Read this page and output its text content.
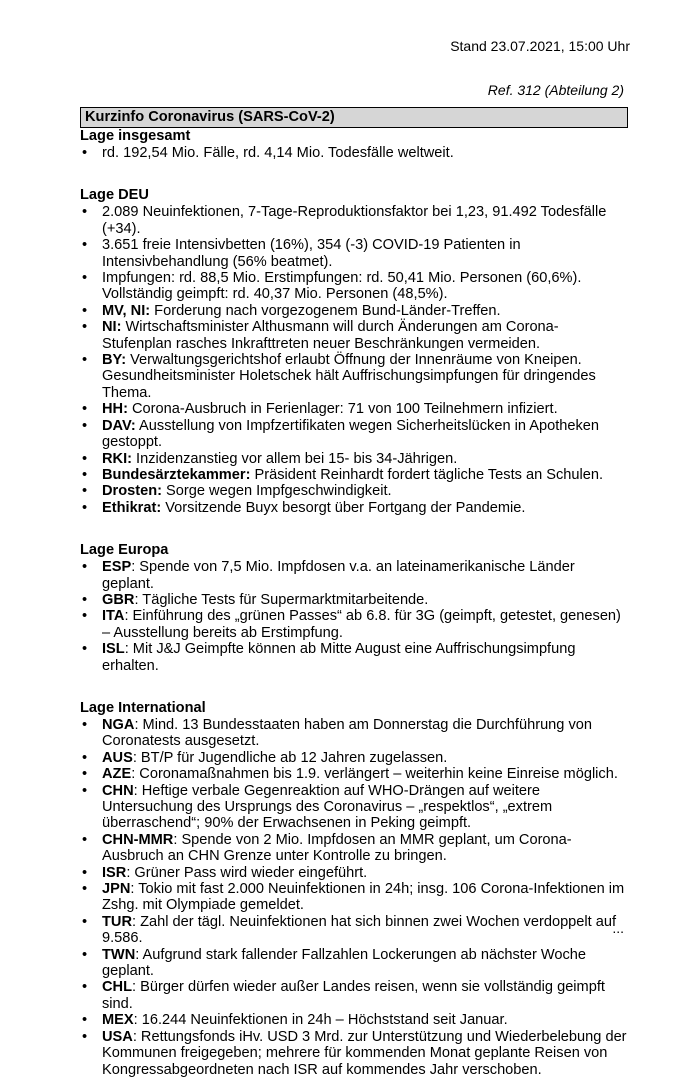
Stand 23.07.2021, 15:00 Uhr
Ref. 312 (Abteilung 2)
Kurzinfo Coronavirus (SARS-CoV-2)
Lage insgesamt
• rd. 192,54 Mio. Fälle, rd. 4,14 Mio. Todesfälle weltweit.
Lage DEU
• 2.089 Neuinfektionen, 7-Tage-Reproduktionsfaktor bei 1,23, 91.492 Todesfälle (+34).
• 3.651 freie Intensivbetten (16%), 354 (-3) COVID-19 Patienten in Intensivbehandlung (56% beatmet).
• Impfungen: rd. 88,5 Mio. Erstimpfungen: rd. 50,41 Mio. Personen (60,6%). Vollständig geimpft: rd. 40,37 Mio. Personen (48,5%).
• MV, NI: Forderung nach vorgezogenem Bund-Länder-Treffen.
• NI: Wirtschaftsminister Althusmann will durch Änderungen am Corona-Stufenplan rasches Inkrafttreten neuer Beschränkungen vermeiden.
• BY: Verwaltungsgerichtshof erlaubt Öffnung der Innenräume von Kneipen. Gesundheitsminister Holetschek hält Auffrischungsimpfungen für dringendes Thema.
• HH: Corona-Ausbruch in Ferienlager: 71 von 100 Teilnehmern infiziert.
• DAV: Ausstellung von Impfzertifikaten wegen Sicherheitslücken in Apotheken gestoppt.
• RKI: Inzidenzanstieg vor allem bei 15- bis 34-Jährigen.
• Bundesärztekammer: Präsident Reinhardt fordert tägliche Tests an Schulen.
• Drosten: Sorge wegen Impfgeschwindigkeit.
• Ethikrat: Vorsitzende Buyx besorgt über Fortgang der Pandemie.
Lage Europa
• ESP: Spende von 7,5 Mio. Impfdosen v.a. an lateinamerikanische Länder geplant.
• GBR: Tägliche Tests für Supermarktmitarbeitende.
• ITA: Einführung des „grünen Passes“ ab 6.8. für 3G (geimpft, getestet, genesen) – Ausstellung bereits ab Erstimpfung.
• ISL: Mit J&J Geimpfte können ab Mitte August eine Auffrischungsimpfung erhalten.
Lage International
• NGA: Mind. 13 Bundesstaaten haben am Donnerstag die Durchführung von Coronatests ausgesetzt.
• AUS: BT/P für Jugendliche ab 12 Jahren zugelassen.
• AZE: Coronamaßnahmen bis 1.9. verlängert – weiterhin keine Einreise möglich.
• CHN: Heftige verbale Gegenreaktion auf WHO-Drängen auf weitere Untersuchung des Ursprungs des Coronavirus – „respektlos“, „extrem überraschend“; 90% der Erwachsenen in Peking geimpft.
• CHN-MMR: Spende von 2 Mio. Impfdosen an MMR geplant, um Corona-Ausbruch an CHN Grenze unter Kontrolle zu bringen.
• ISR: Grüner Pass wird wieder eingeführt.
• JPN: Tokio mit fast 2.000 Neuinfektionen in 24h; insg. 106 Corona-Infektionen im Zshg. mit Olympiade gemeldet.
• TUR: Zahl der tägl. Neuinfektionen hat sich binnen zwei Wochen verdoppelt auf 9.586.
• TWN: Aufgrund stark fallender Fallzahlen Lockerungen ab nächster Woche geplant.
• CHL: Bürger dürfen wieder außer Landes reisen, wenn sie vollständig geimpft sind.
• MEX: 16.244 Neuinfektionen in 24h – Höchststand seit Januar.
• USA: Rettungsfonds iHv. USD 3 Mrd. zur Unterstützung und Wiederbelebung der Kommunen freigegeben; mehrere für kommenden Monat geplante Reisen von Kongressabgeordneten nach ISR auf kommendes Jahr verschoben.
...
